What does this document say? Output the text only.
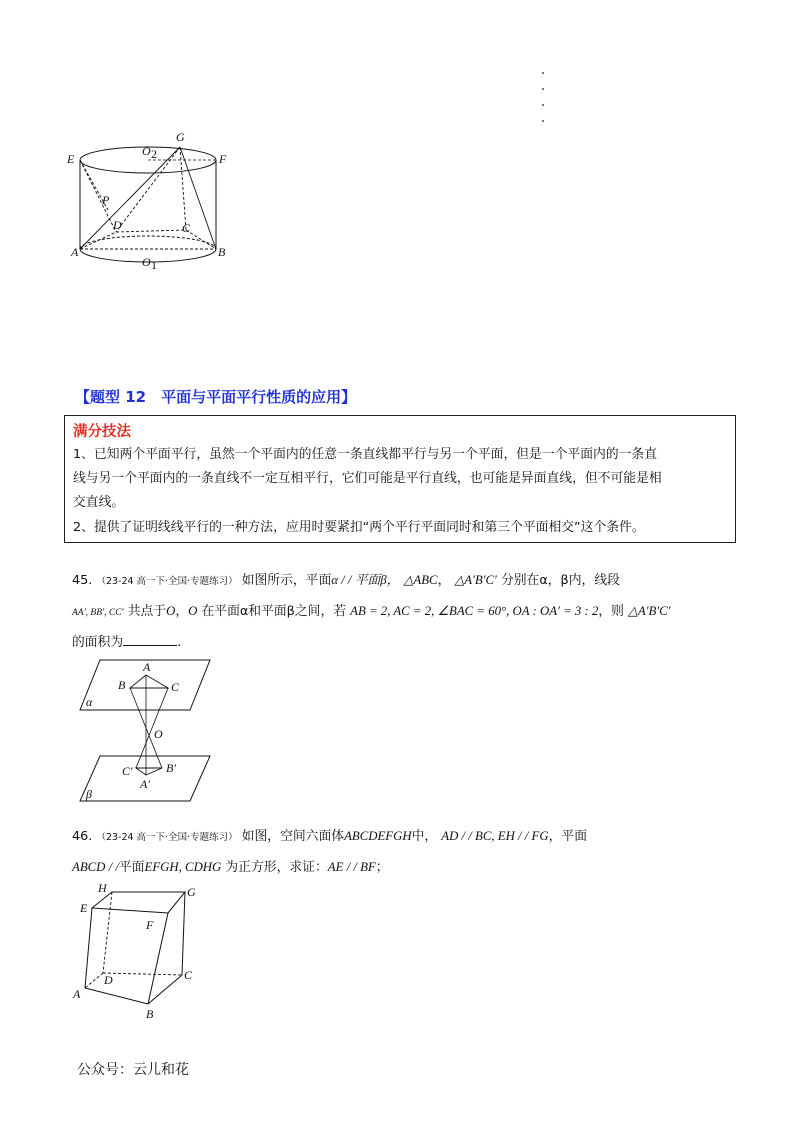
G
E	F
O 2
P
D	C
A	B
O 1
【题型 12　平面与平面平行性质的应用】
满分技法
1、已知两个平面平行，虽然一个平面内的任意一条直线都平行与另一个平面，但是一个平面内的一条直
线与另一个平面内的一条直线不一定互相平行，它们可能是平行直线，也可能是异面直线，但不可能是相
交直线。
2、提供了证明线线平行的一种方法，应用时要紧扣“两个平行平面同时和第三个平面相交”这个条件。
45. （23-24 高一下·全国·专题练习） 如图所示，平面α / / 平面β， △ABC， △A′B′C′ 分别在α，β内，线段
AA′, BB′, CC′ 共点于O，O 在平面α和平面β之间，若 AB = 2, AC = 2, ∠BAC = 60°, OA : OA′ = 3 : 2，则 △A′B′C′
的面积为	.
A
B	C
α
O
C′	B′
A′
β
46. （23-24 高一下·全国·专题练习） 如图，空间六面体ABCDEFGH中， AD / / BC, EH / / FG，平面
ABCD / /平面EFGH, CDHG 为正方形，求证：AE / / BF；
H	G
E
F
D	C
A
B
公众号：云儿和花
